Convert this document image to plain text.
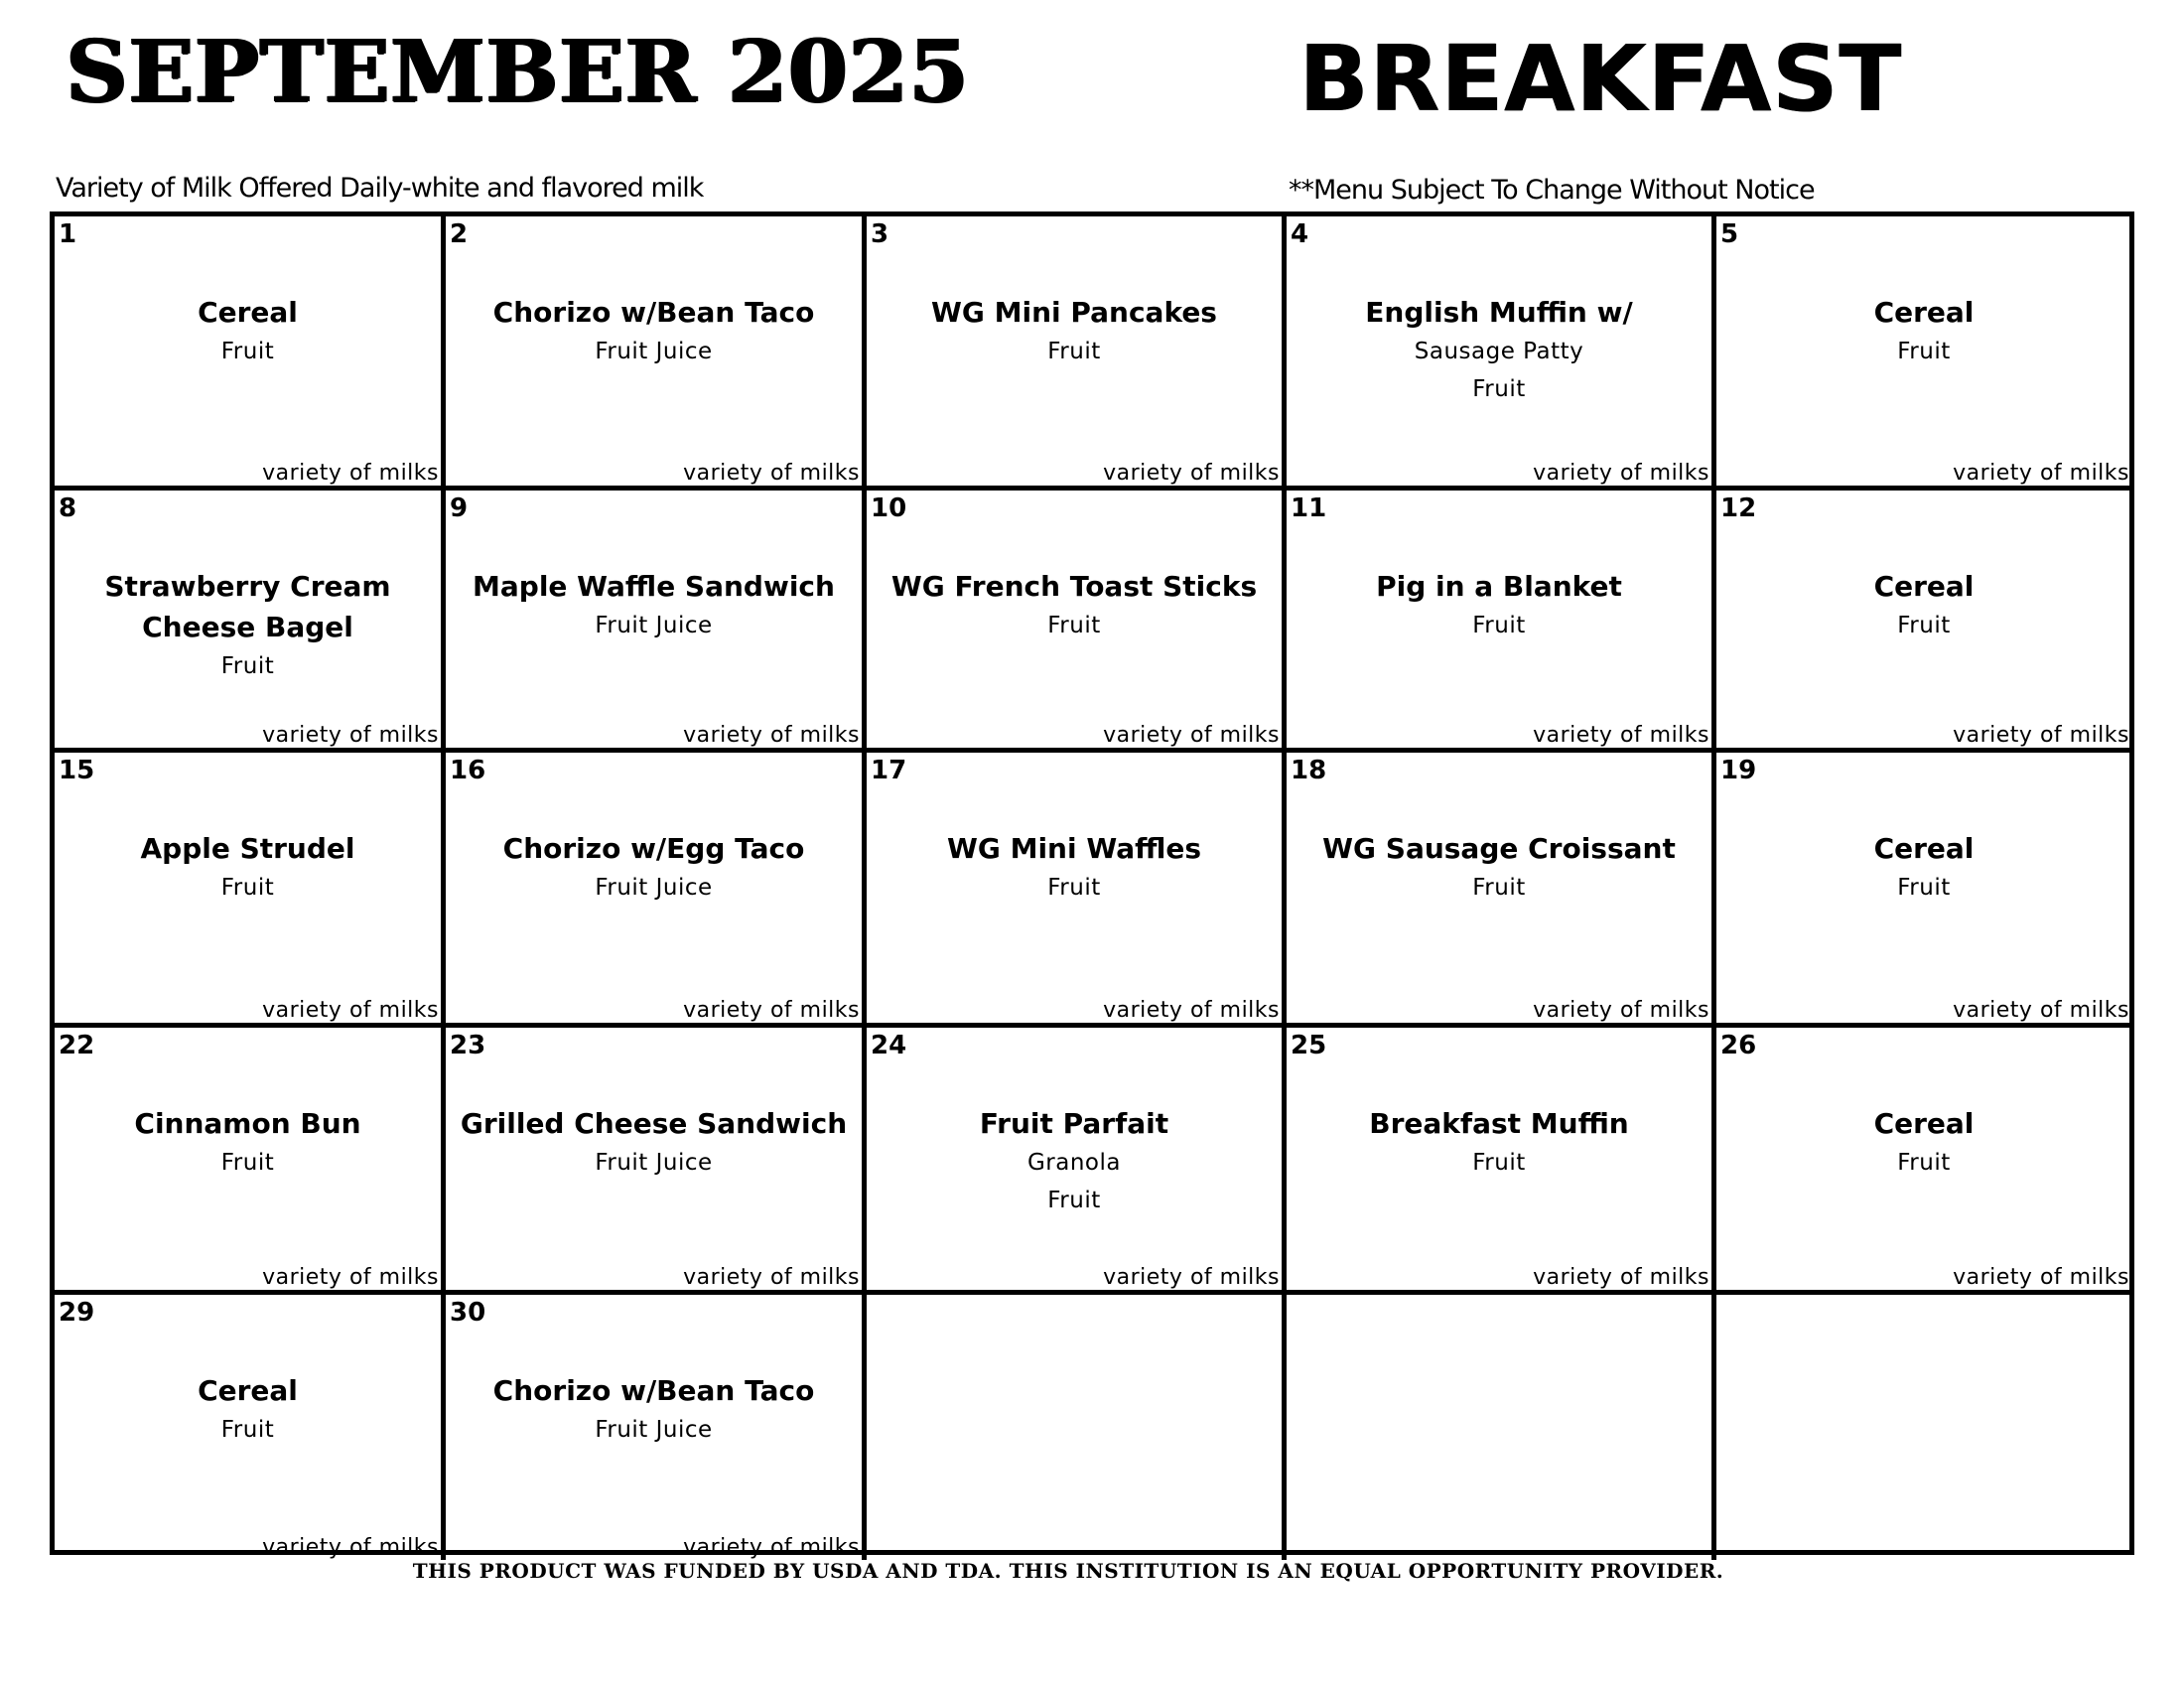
SEPTEMBER 2025	BREAKFAST
Variety of Milk Offered Daily-white and flavored milk	**Menu Subject To Change Without Notice
1
Cereal
Fruit
variety of milks
2
Chorizo w/Bean Taco
Fruit Juice
variety of milks
3
WG Mini Pancakes
Fruit
variety of milks
4
English Muffin w/
Sausage Patty
Fruit
variety of milks
5
Cereal
Fruit
variety of milks
8
Strawberry Cream
Cheese Bagel
Fruit
variety of milks
9
Maple Waffle Sandwich
Fruit Juice
variety of milks
10
WG French Toast Sticks
Fruit
variety of milks
11
Pig in a Blanket
Fruit
variety of milks
12
Cereal
Fruit
variety of milks
15
Apple Strudel
Fruit
variety of milks
16
Chorizo w/Egg Taco
Fruit Juice
variety of milks
17
WG Mini Waffles
Fruit
variety of milks
18
WG Sausage Croissant
Fruit
variety of milks
19
Cereal
Fruit
variety of milks
22
Cinnamon Bun
Fruit
variety of milks
23
Grilled Cheese Sandwich
Fruit Juice
variety of milks
24
Fruit Parfait
Granola
Fruit
variety of milks
25
Breakfast Muffin
Fruit
variety of milks
26
Cereal
Fruit
variety of milks
29
Cereal
Fruit
variety of milks
30
Chorizo w/Bean Taco
Fruit Juice
variety of milks
THIS PRODUCT WAS FUNDED BY USDA AND TDA. THIS INSTITUTION IS AN EQUAL OPPORTUNITY PROVIDER.
